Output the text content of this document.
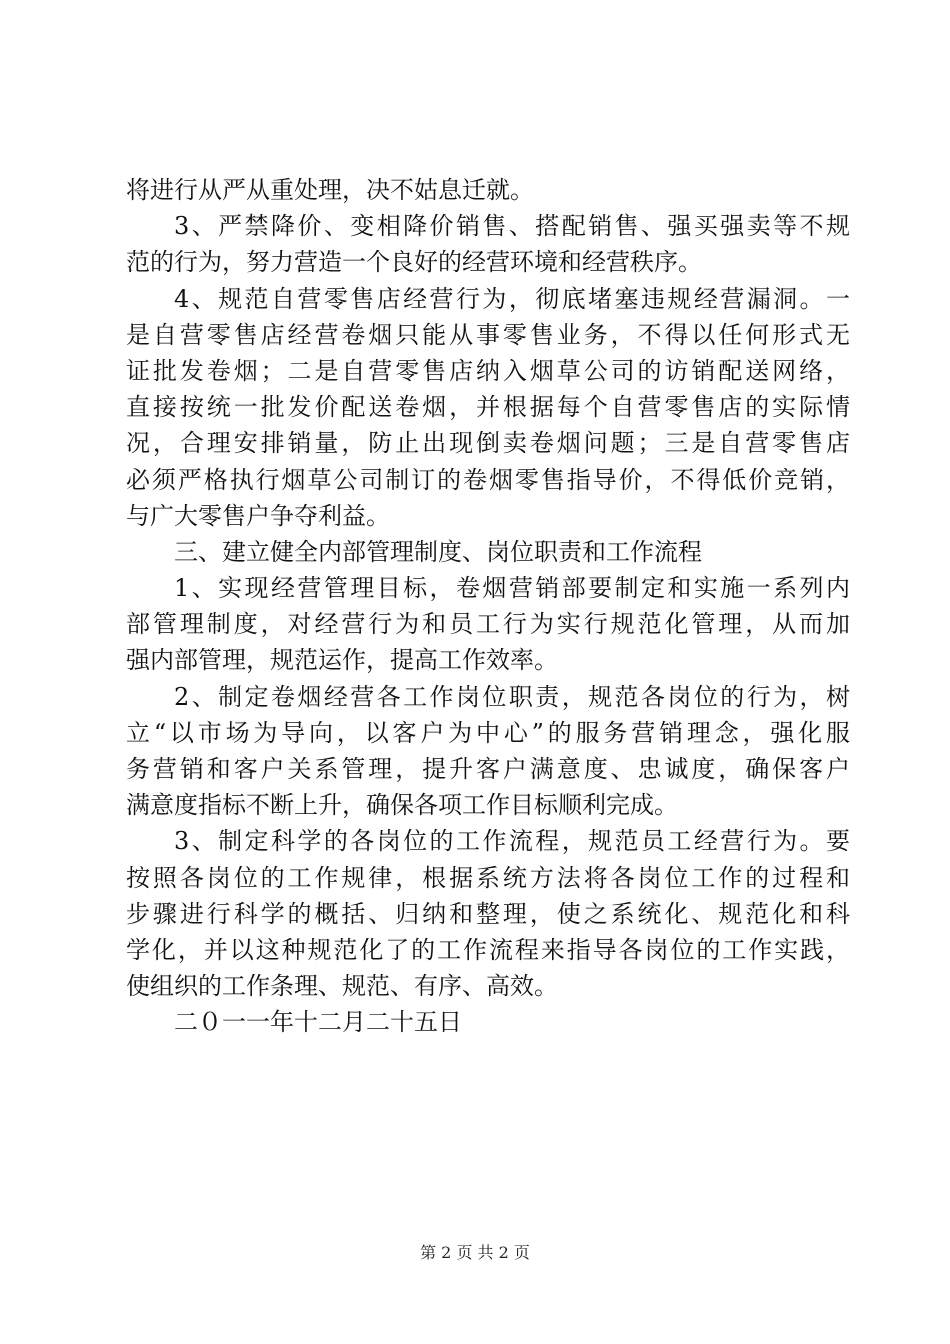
将进行从严从重处理，决不姑息迁就。
3、严禁降价、变相降价销售、搭配销售、强买强卖等不规
范的行为，努力营造一个良好的经营环境和经营秩序。
4、规范自营零售店经营行为，彻底堵塞违规经营漏洞。一
是自营零售店经营卷烟只能从事零售业务，不得以任何形式无
证批发卷烟；二是自营零售店纳入烟草公司的访销配送网络，
直接按统一批发价配送卷烟，并根据每个自营零售店的实际情
况，合理安排销量，防止出现倒卖卷烟问题；三是自营零售店
必须严格执行烟草公司制订的卷烟零售指导价，不得低价竞销，
与广大零售户争夺利益。
三、建立健全内部管理制度、岗位职责和工作流程
1、实现经营管理目标，卷烟营销部要制定和实施一系列内
部管理制度，对经营行为和员工行为实行规范化管理，从而加
强内部管理，规范运作，提高工作效率。
2、制定卷烟经营各工作岗位职责，规范各岗位的行为，树
立“以市场为导向，以客户为中心”的服务营销理念，强化服
务营销和客户关系管理，提升客户满意度、忠诚度，确保客户
满意度指标不断上升，确保各项工作目标顺利完成。
3、制定科学的各岗位的工作流程，规范员工经营行为。要
按照各岗位的工作规律，根据系统方法将各岗位工作的过程和
步骤进行科学的概括、归纳和整理，使之系统化、规范化和科
学化，并以这种规范化了的工作流程来指导各岗位的工作实践，
使组织的工作条理、规范、有序、高效。
二０一一年十二月二十五日
第 2 页 共 2 页
